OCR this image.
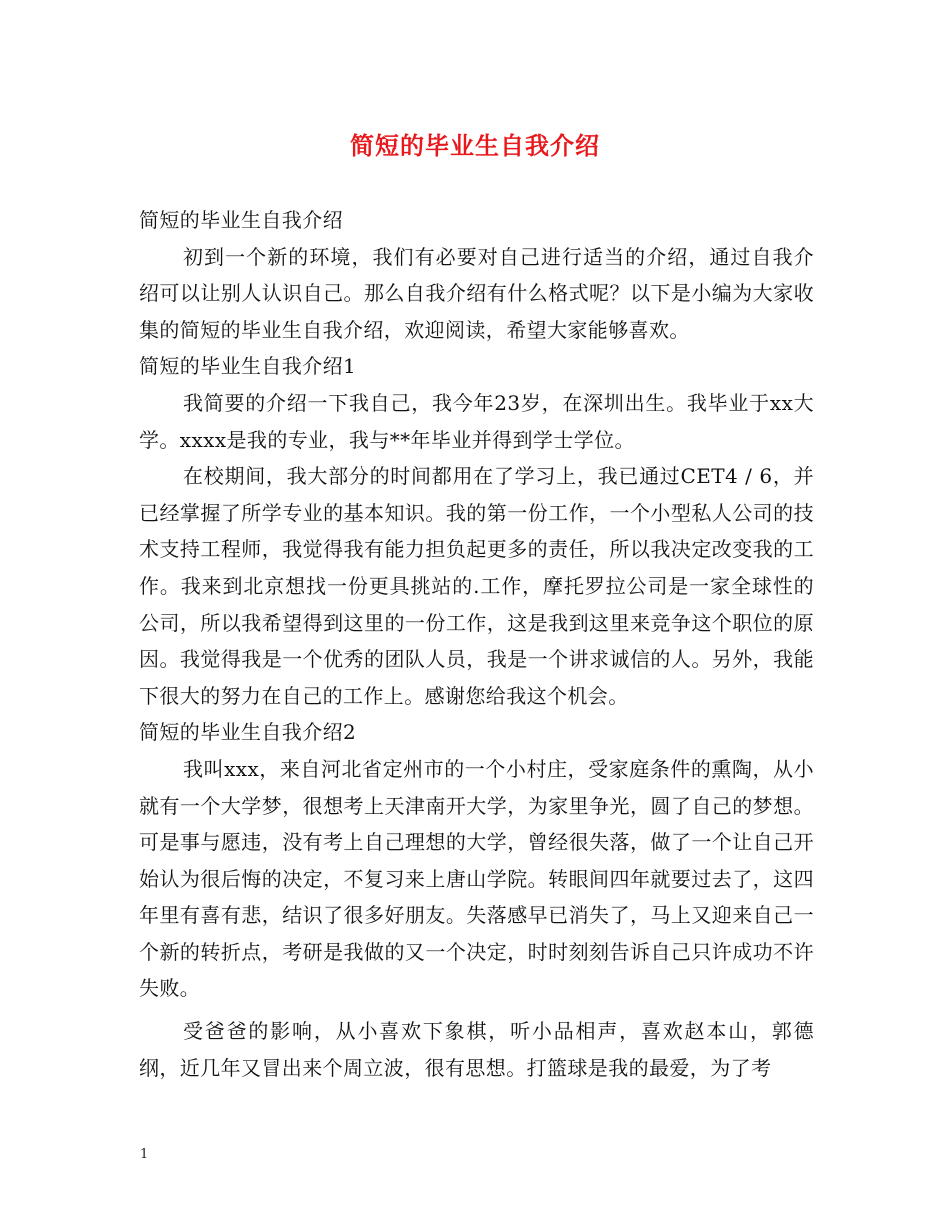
简短的毕业生自我介绍

简短的毕业生自我介绍

初到一个新的环境，我们有必要对自己进行适当的介绍，通过自我介绍可以让别人认识自己。那么自我介绍有什么格式呢？以下是小编为大家收集的简短的毕业生自我介绍，欢迎阅读，希望大家能够喜欢。

简短的毕业生自我介绍1

我简要的介绍一下我自己，我今年23岁，在深圳出生。我毕业于xx大学。xxxx是我的专业，我与**年毕业并得到学士学位。

在校期间，我大部分的时间都用在了学习上，我已通过CET4 / 6，并已经掌握了所学专业的基本知识。我的第一份工作，一个小型私人公司的技术支持工程师，我觉得我有能力担负起更多的责任，所以我决定改变我的工作。我来到北京想找一份更具挑站的.工作，摩托罗拉公司是一家全球性的公司，所以我希望得到这里的一份工作，这是我到这里来竞争这个职位的原因。我觉得我是一个优秀的团队人员，我是一个讲求诚信的人。另外，我能下很大的努力在自己的工作上。感谢您给我这个机会。

简短的毕业生自我介绍2

我叫xxx，来自河北省定州市的一个小村庄，受家庭条件的熏陶，从小就有一个大学梦，很想考上天津南开大学，为家里争光，圆了自己的梦想。可是事与愿违，没有考上自己理想的大学，曾经很失落，做了一个让自己开始认为很后悔的决定，不复习来上唐山学院。转眼间四年就要过去了，这四年里有喜有悲，结识了很多好朋友。失落感早已消失了，马上又迎来自己一个新的转折点，考研是我做的又一个决定，时时刻刻告诉自己只许成功不许失败。

受爸爸的影响，从小喜欢下象棋，听小品相声，喜欢赵本山，郭德纲，近几年又冒出来个周立波，很有思想。打篮球是我的最爱，为了考

1
